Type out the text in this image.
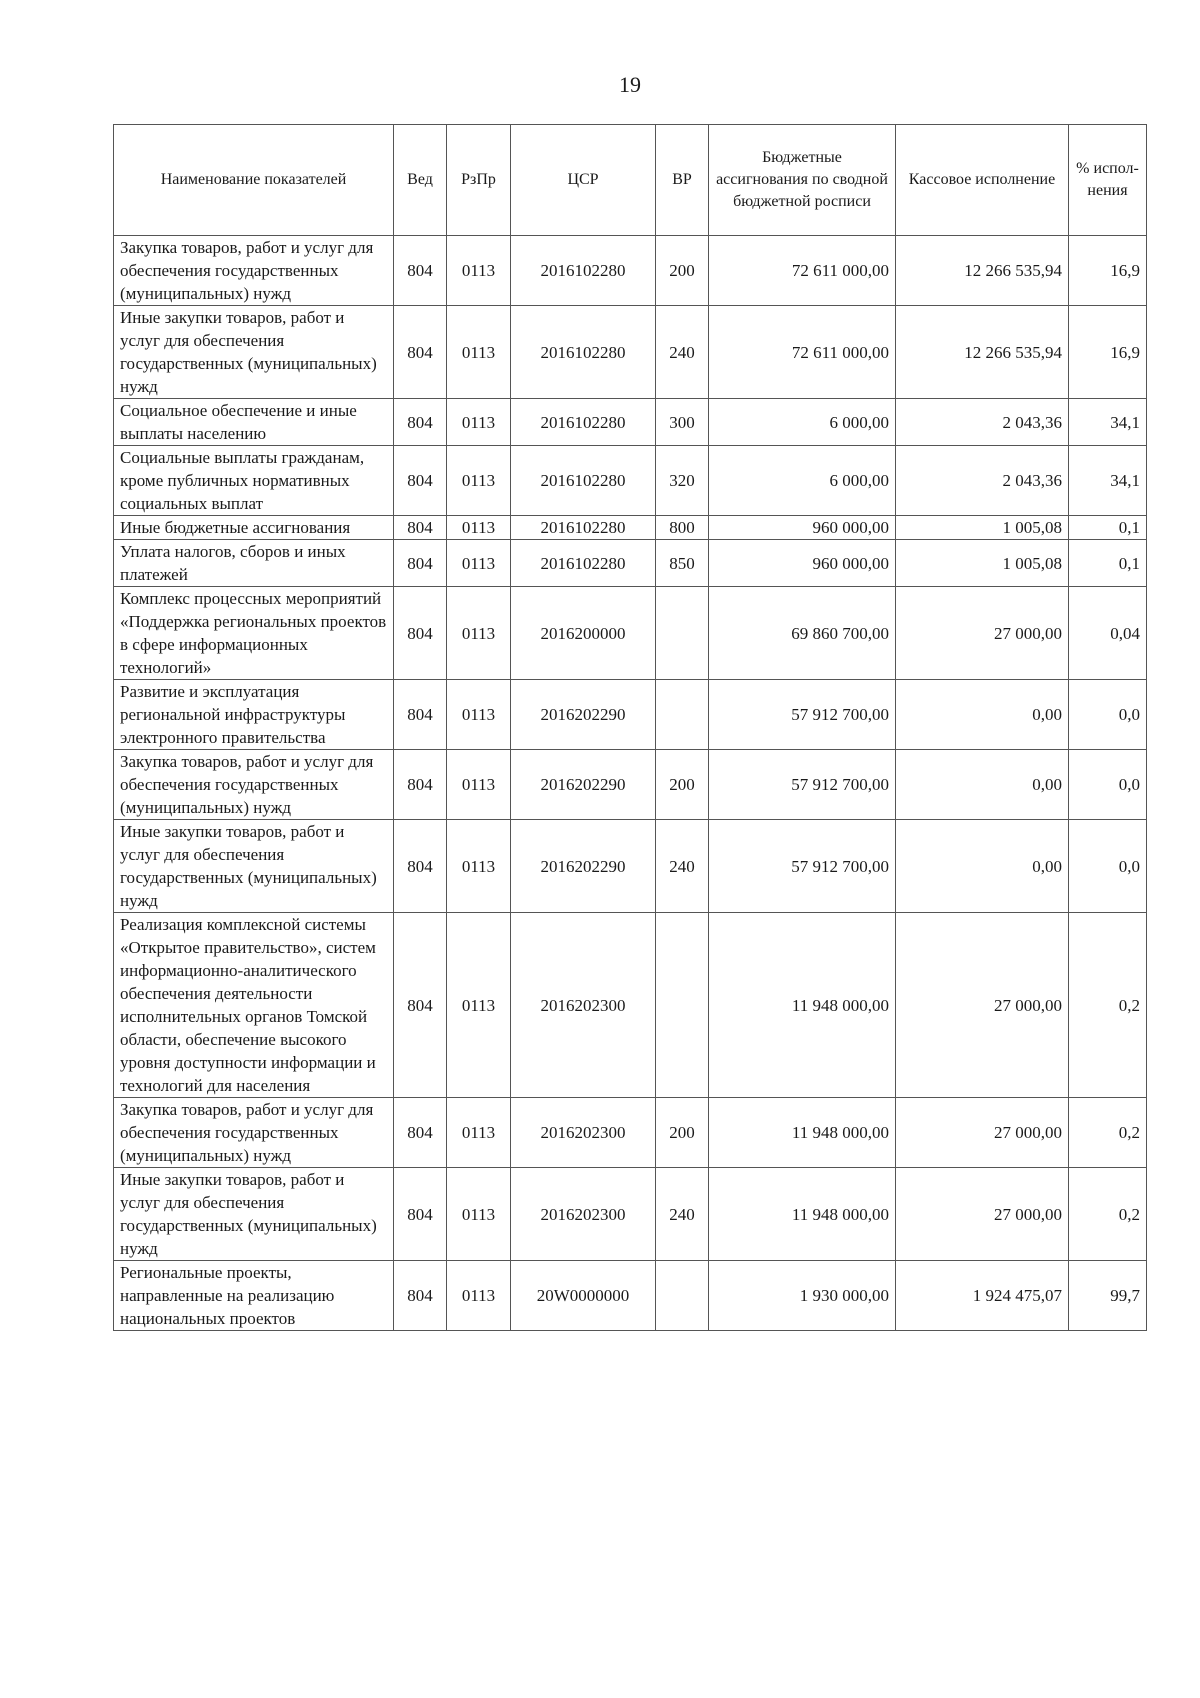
19
Наименование показателей	Вед	РзПр	ЦСР	ВР	Бюджетные ассигнования по сводной бюджетной росписи	Кассовое исполнение	% испол-нения
Закупка товаров, работ и услуг для обеспечения государственных (муниципальных) нужд	804	0113	2016102280	200	72 611 000,00	12 266 535,94	16,9
Иные закупки товаров, работ и услуг для обеспечения государственных (муниципальных) нужд	804	0113	2016102280	240	72 611 000,00	12 266 535,94	16,9
Социальное обеспечение и иные выплаты населению	804	0113	2016102280	300	6 000,00	2 043,36	34,1
Социальные выплаты гражданам, кроме публичных нормативных социальных выплат	804	0113	2016102280	320	6 000,00	2 043,36	34,1
Иные бюджетные ассигнования	804	0113	2016102280	800	960 000,00	1 005,08	0,1
Уплата налогов, сборов и иных платежей	804	0113	2016102280	850	960 000,00	1 005,08	0,1
Комплекс процессных мероприятий «Поддержка региональных проектов в сфере информационных технологий»	804	0113	2016200000		69 860 700,00	27 000,00	0,04
Развитие и эксплуатация региональной инфраструктуры электронного правительства	804	0113	2016202290		57 912 700,00	0,00	0,0
Закупка товаров, работ и услуг для обеспечения государственных (муниципальных) нужд	804	0113	2016202290	200	57 912 700,00	0,00	0,0
Иные закупки товаров, работ и услуг для обеспечения государственных (муниципальных) нужд	804	0113	2016202290	240	57 912 700,00	0,00	0,0
Реализация комплексной системы «Открытое правительство», систем информационно-аналитического обеспечения деятельности исполнительных органов Томской области, обеспечение высокого уровня доступности информации и технологий для населения	804	0113	2016202300		11 948 000,00	27 000,00	0,2
Закупка товаров, работ и услуг для обеспечения государственных (муниципальных) нужд	804	0113	2016202300	200	11 948 000,00	27 000,00	0,2
Иные закупки товаров, работ и услуг для обеспечения государственных (муниципальных) нужд	804	0113	2016202300	240	11 948 000,00	27 000,00	0,2
Региональные проекты, направленные на реализацию национальных проектов	804	0113	20W0000000		1 930 000,00	1 924 475,07	99,7
